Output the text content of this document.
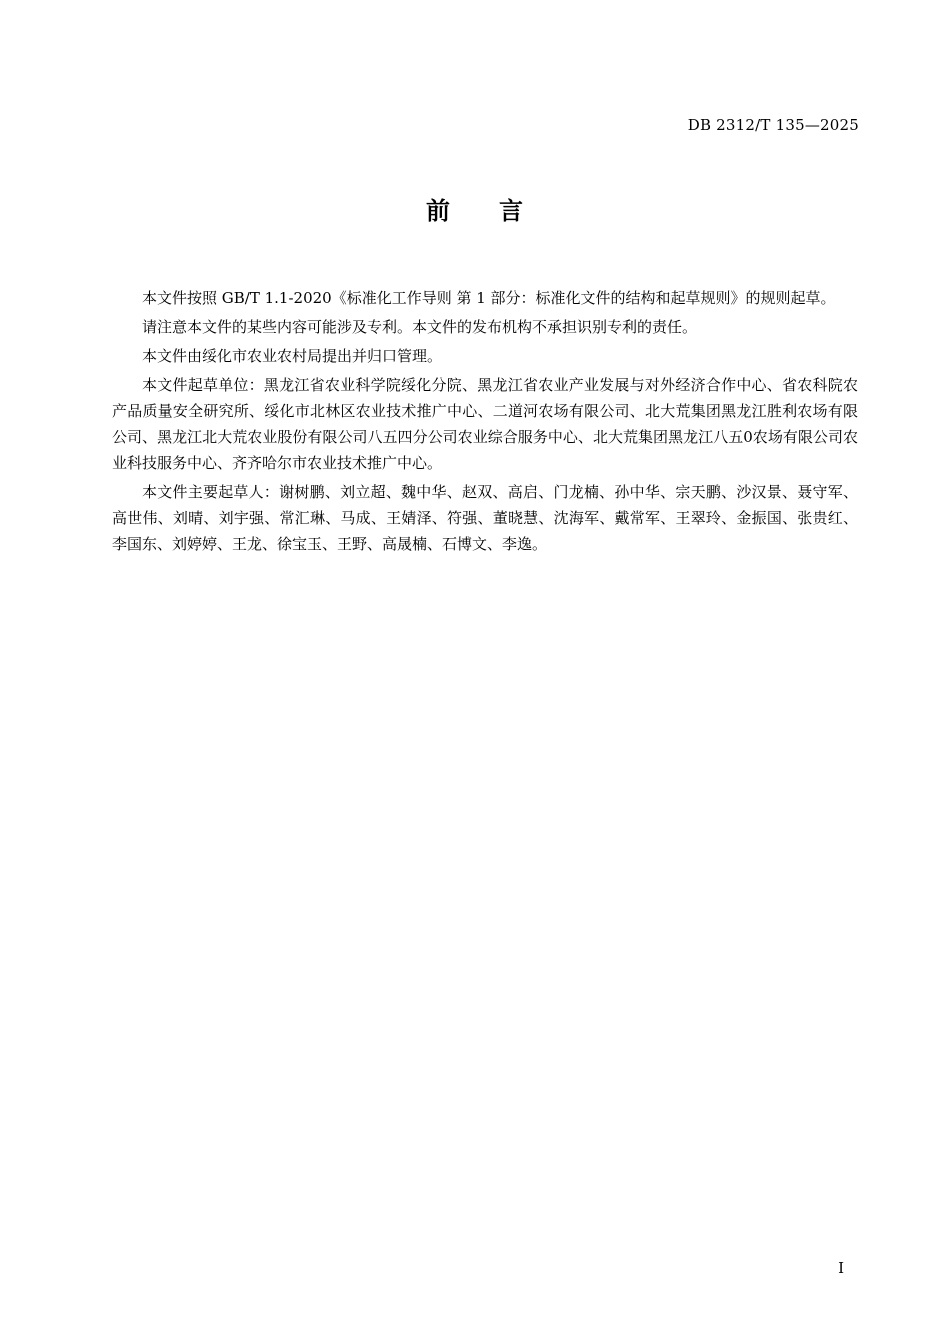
DB 2312/T 135—2025
前 言

本文件按照 GB/T 1.1-2020《标准化工作导则 第 1 部分：标准化文件的结构和起草规则》的规则起草。

请注意本文件的某些内容可能涉及专利。本文件的发布机构不承担识别专利的责任。

本文件由绥化市农业农村局提出并归口管理。

本文件起草单位：黑龙江省农业科学院绥化分院、黑龙江省农业产业发展与对外经济合作中心、省农科院农产品质量安全研究所、绥化市北林区农业技术推广中心、二道河农场有限公司、北大荒集团黑龙江胜利农场有限公司、黑龙江北大荒农业股份有限公司八五四分公司农业综合服务中心、北大荒集团黑龙江八五0农场有限公司农业科技服务中心、齐齐哈尔市农业技术推广中心。

本文件主要起草人：谢树鹏、刘立超、魏中华、赵双、高启、门龙楠、孙中华、宗天鹏、沙汉景、聂守军、高世伟、刘晴、刘宇强、常汇琳、马成、王婧泽、符强、董晓慧、沈海军、戴常军、王翠玲、金振国、张贵红、李国东、刘婷婷、王龙、徐宝玉、王野、高晟楠、石博文、李逸。

I
